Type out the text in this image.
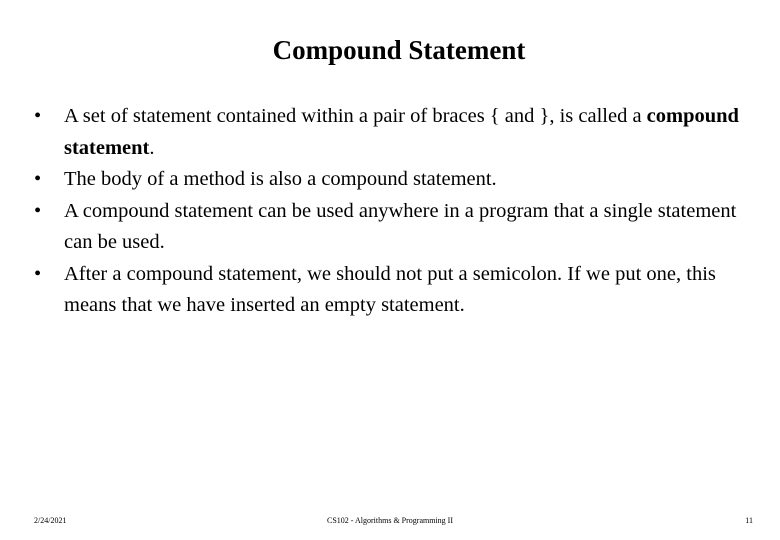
Compound Statement
•	A set of statement contained within a pair of braces { and }, is called a compound statement.
•	The body of a method is also a compound statement.
•	A compound statement can be used anywhere in a program that a single statement can be used.
•	After a compound statement, we should not put a semicolon. If we put one, this means that we have inserted an empty statement.
2/24/2021	CS102 - Algorithms & Programming II	11
